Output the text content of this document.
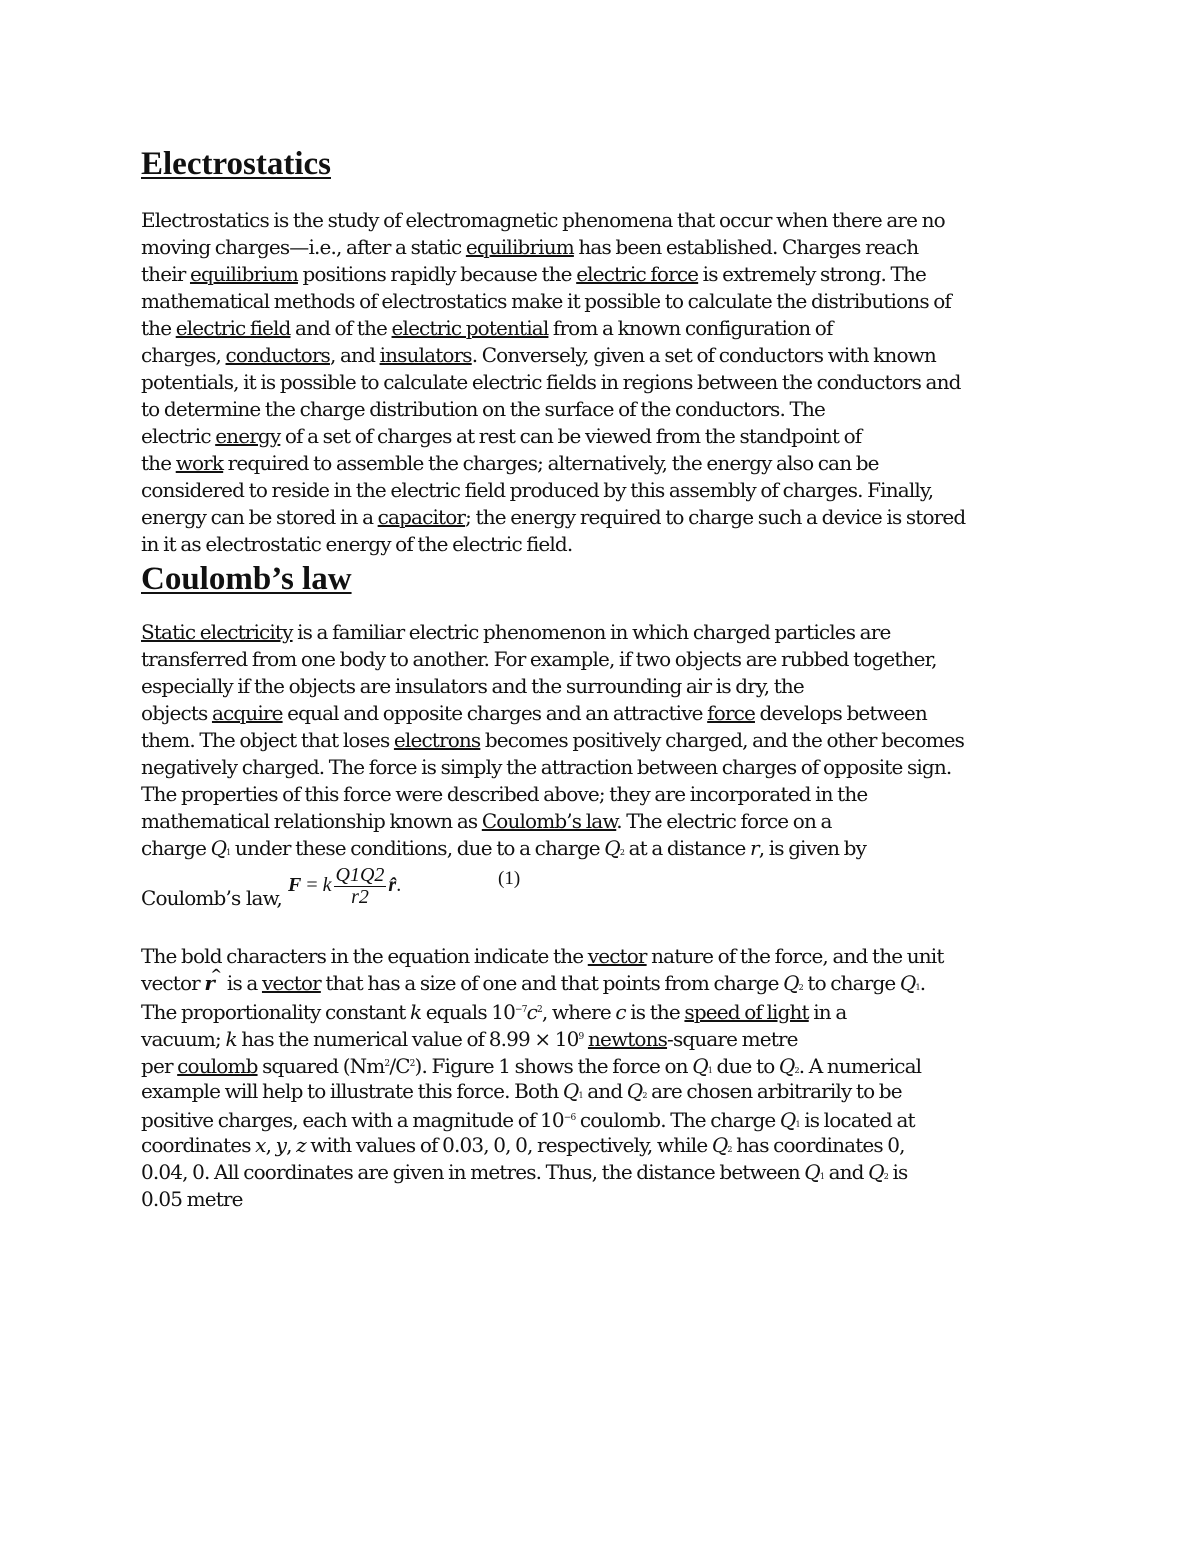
Electrostatics

Electrostatics is the study of electromagnetic phenomena that occur when there are no
moving charges—i.e., after a static equilibrium has been established. Charges reach
their equilibrium positions rapidly because the electric force is extremely strong. The
mathematical methods of electrostatics make it possible to calculate the distributions of
the electric field and of the electric potential from a known configuration of
charges, conductors, and insulators. Conversely, given a set of conductors with known
potentials, it is possible to calculate electric fields in regions between the conductors and
to determine the charge distribution on the surface of the conductors. The
electric energy of a set of charges at rest can be viewed from the standpoint of
the work required to assemble the charges; alternatively, the energy also can be
considered to reside in the electric field produced by this assembly of charges. Finally,
energy can be stored in a capacitor; the energy required to charge such a device is stored
in it as electrostatic energy of the electric field.

Coulomb’s law

Static electricity is a familiar electric phenomenon in which charged particles are
transferred from one body to another. For example, if two objects are rubbed together,
especially if the objects are insulators and the surrounding air is dry, the
objects acquire equal and opposite charges and an attractive force develops between
them. The object that loses electrons becomes positively charged, and the other becomes
negatively charged. The force is simply the attraction between charges of opposite sign.
The properties of this force were described above; they are incorporated in the
mathematical relationship known as Coulomb’s law. The electric force on a
charge Q1 under these conditions, due to a charge Q2 at a distance r, is given by

Coulomb’s law,
F = k $\frac{Q1Q2}{r2}$ r̂ .	(1)

The bold characters in the equation indicate the vector nature of the force, and the unit
vector r ^ is a vector that has a size of one and that points from charge Q2 to charge Q1.
The proportionality constant k equals $10^{-7}c^2$, where c is the speed of light in a
vacuum; k has the numerical value of $8.99 \times 10^9$ newtons-square metre
per coulomb squared $(Nm^2/C^2)$. Figure 1 shows the force on Q1 due to Q2. A numerical
example will help to illustrate this force. Both Q1 and Q2 are chosen arbitrarily to be
positive charges, each with a magnitude of $10^{-6}$ coulomb. The charge Q1 is located at
coordinates x, y, z with values of 0.03, 0, 0, respectively, while Q2 has coordinates 0,
0.04, 0. All coordinates are given in metres. Thus, the distance between Q1 and Q2 is
0.05 metre
